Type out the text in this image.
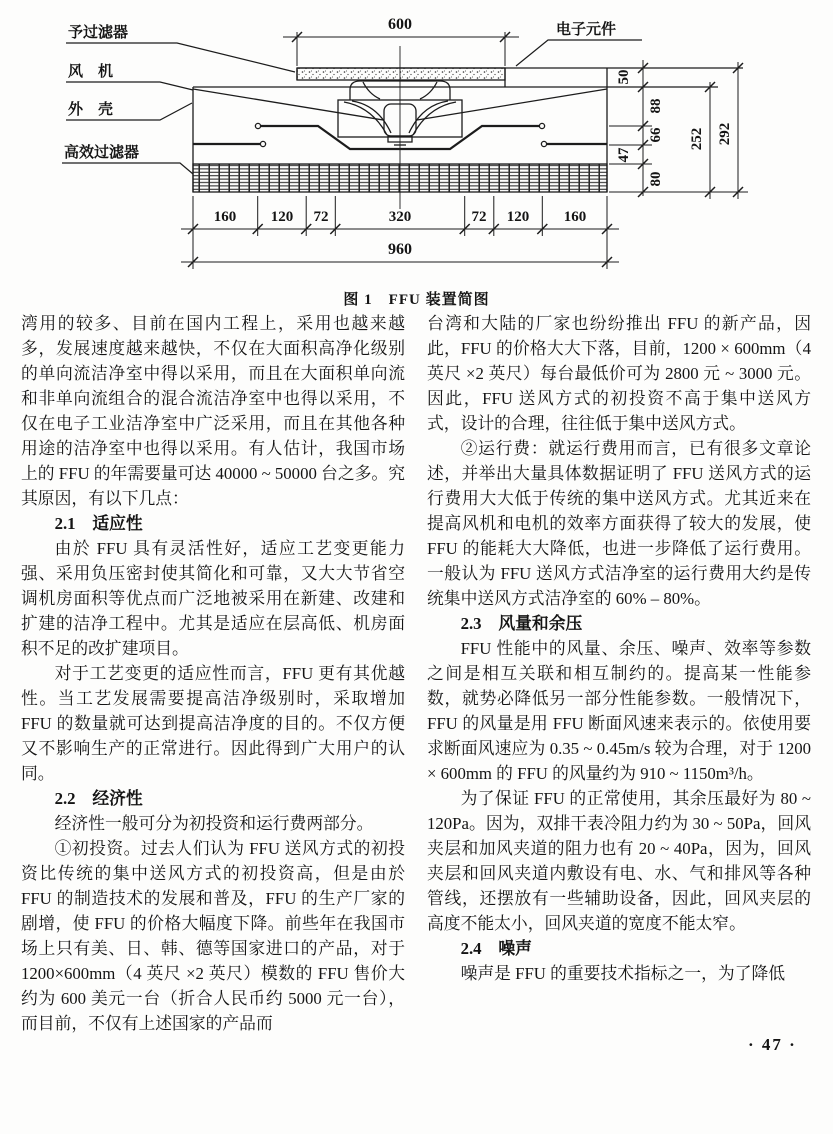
予过滤器
风　机
外　壳
高效过滤器
电子元件
600
160 120 72	320	72 120 160
960
50
88
66
47
80
252 292
图 1　FFU 装置简图

湾用的较多、目前在国内工程上，采用也越来越多，发展速度越来越快，不仅在大面积高净化级别的单向流洁净室中得以采用，而且在大面积单向流和非单向流组合的混合流洁净室中也得以采用，不仅在电子工业洁净室中广泛采用，而且在其他各种用途的洁净室中也得以采用。有人估计，我国市场上的 FFU 的年需要量可达 40000 ~ 50000 台之多。究其原因，有以下几点：

2.1　适应性

由於 FFU 具有灵活性好，适应工艺变更能力强、采用负压密封使其简化和可靠，又大大节省空调机房面积等优点而广泛地被采用在新建、改建和扩建的洁净工程中。尤其是适应在层高低、机房面积不足的改扩建项目。

对于工艺变更的适应性而言，FFU 更有其优越性。当工艺发展需要提高洁净级别时，采取增加 FFU 的数量就可达到提高洁净度的目的。不仅方便又不影响生产的正常进行。因此得到广大用户的认同。

2.2　经济性

经济性一般可分为初投资和运行费两部分。

①初投资。过去人们认为 FFU 送风方式的初投资比传统的集中送风方式的初投资高，但是由於 FFU 的制造技术的发展和普及，FFU 的生产厂家的剧增，使 FFU 的价格大幅度下降。前些年在我国市场上只有美、日、韩、德等国家进口的产品，对于 1200×600mm（4 英尺 ×2 英尺）模数的 FFU 售价大约为 600 美元一台（折合人民币约 5000 元一台），而目前，不仅有上述国家的产品而

台湾和大陆的厂家也纷纷推出 FFU 的新产品，因此，FFU 的价格大大下落，目前，1200 × 600mm（4 英尺 ×2 英尺）每台最低价可为 2800 元 ~ 3000 元。因此，FFU 送风方式的初投资不高于集中送风方式，设计的合理，往往低于集中送风方式。

②运行费：就运行费用而言，已有很多文章论述，并举出大量具体数据证明了 FFU 送风方式的运行费用大大低于传统的集中送风方式。尤其近来在提高风机和电机的效率方面获得了较大的发展，使 FFU 的能耗大大降低，也进一步降低了运行费用。一般认为 FFU 送风方式洁净室的运行费用大约是传统集中送风方式洁净室的 60% – 80%。

2.3　风量和余压

FFU 性能中的风量、余压、噪声、效率等参数之间是相互关联和相互制约的。提高某一性能参数，就势必降低另一部分性能参数。一般情况下，FFU 的风量是用 FFU 断面风速来表示的。依使用要求断面风速应为 0.35 ~ 0.45m/s 较为合理，对于 1200 × 600mm 的 FFU 的风量约为 910 ~ 1150m³/h。

为了保证 FFU 的正常使用，其余压最好为 80 ~ 120Pa。因为，双排干表冷阻力约为 30 ~ 50Pa，回风夹层和加风夹道的阻力也有 20 ~ 40Pa，因为，回风夹层和回风夹道内敷设有电、水、气和排风等各种管线，还摆放有一些辅助设备，因此，回风夹层的高度不能太小，回风夹道的宽度不能太窄。

2.4　噪声

噪声是 FFU 的重要技术指标之一，为了降低

· 47 ·
